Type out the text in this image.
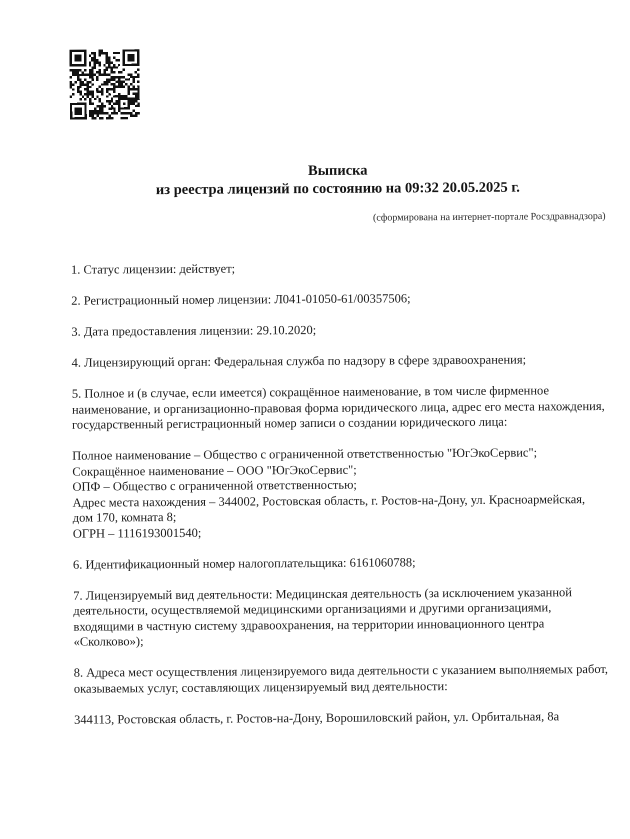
Выписка
из реестра лицензий по состоянию на 09:32 20.05.2025 г.
(сформирована на интернет-портале Росздравнадзора)

1. Статус лицензии: действует;

2. Регистрационный номер лицензии: Л041-01050-61/00357506;

3. Дата предоставления лицензии: 29.10.2020;

4. Лицензирующий орган: Федеральная служба по надзору в сфере здравоохранения;

5. Полное и (в случае, если имеется) сокращённое наименование, в том числе фирменное наименование, и организационно-правовая форма юридического лица, адрес его места нахождения, государственный регистрационный номер записи о создании юридического лица:

Полное наименование – Общество с ограниченной ответственностью "ЮгЭкоСервис";
Сокращённое наименование – ООО "ЮгЭкоСервис";
ОПФ – Общество с ограниченной ответственностью;
Адрес места нахождения – 344002, Ростовская область, г. Ростов-на-Дону, ул. Красноармейская, дом 170, комната 8;
ОГРН – 1116193001540;

6. Идентификационный номер налогоплательщика: 6161060788;

7. Лицензируемый вид деятельности: Медицинская деятельность (за исключением указанной деятельности, осуществляемой медицинскими организациями и другими организациями, входящими в частную систему здравоохранения, на территории инновационного центра «Сколково»);

8. Адреса мест осуществления лицензируемого вида деятельности с указанием выполняемых работ, оказываемых услуг, составляющих лицензируемый вид деятельности:

344113, Ростовская область, г. Ростов-на-Дону, Ворошиловский район, ул. Орбитальная, 8а
